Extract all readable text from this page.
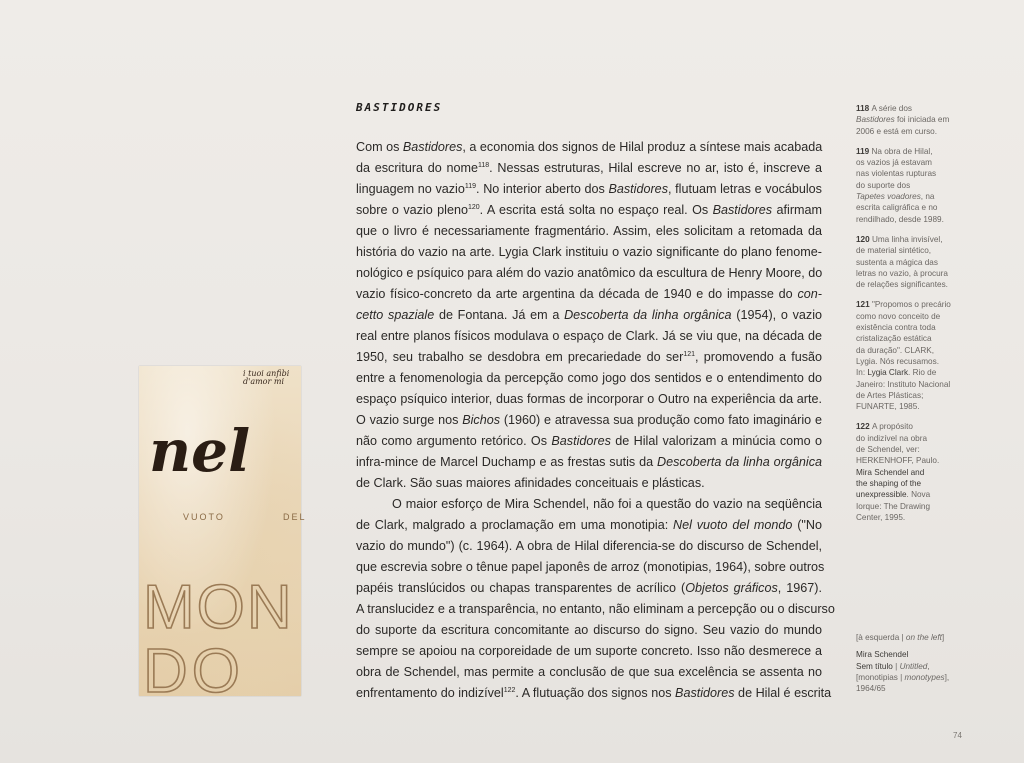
i tuoi anfibi
d'amor mi
nel
MON
DO
VUOTO	DEL
BASTIDORES
Com os Bastidores, a economia dos signos de Hilal produz a síntese mais acabada
da escritura do nome$^{118}$. Nessas estruturas, Hilal escreve no ar, isto é, inscreve a
linguagem no vazio$^{119}$. No interior aberto dos Bastidores, flutuam letras e vocábulos
sobre o vazio pleno$^{120}$. A escrita está solta no espaço real. Os Bastidores afirmam
que o livro é necessariamente fragmentário. Assim, eles solicitam a retomada da
história do vazio na arte. Lygia Clark instituiu o vazio significante do plano fenome-
nológico e psíquico para além do vazio anatômico da escultura de Henry Moore, do
vazio físico-concreto da arte argentina da década de 1940 e do impasse do con-
cetto spaziale de Fontana. Já em a Descoberta da linha orgânica (1954), o vazio
real entre planos físicos modulava o espaço de Clark. Já se viu que, na década de
1950, seu trabalho se desdobra em precariedade do ser$^{121}$, promovendo a fusão
entre a fenomenologia da percepção como jogo dos sentidos e o entendimento do
espaço psíquico interior, duas formas de incorporar o Outro na experiência da arte.
O vazio surge nos Bichos (1960) e atravessa sua produção como fato imaginário e
não como argumento retórico. Os Bastidores de Hilal valorizam a minúcia como o
infra-mince de Marcel Duchamp e as frestas sutis da Descoberta da linha orgânica
de Clark. São suas maiores afinidades conceituais e plásticas.
O maior esforço de Mira Schendel, não foi a questão do vazio na seqüência
de Clark, malgrado a proclamação em uma monotipia: Nel vuoto del mondo ("No
vazio do mundo") (c. 1964). A obra de Hilal diferencia-se do discurso de Schendel,
que escrevia sobre o tênue papel japonês de arroz (monotipias, 1964), sobre outros
papéis translúcidos ou chapas transparentes de acrílico (Objetos gráficos, 1967).
A translucidez e a transparência, no entanto, não eliminam a percepção ou o discurso
do suporte da escritura concomitante ao discurso do signo. Seu vazio do mundo
sempre se apoiou na corporeidade de um suporte concreto. Isso não desmerece a
obra de Schendel, mas permite a conclusão de que sua excelência se assenta no
enfrentamento do indizível$^{122}$. A flutuação dos signos nos Bastidores de Hilal é escrita
118 A série dos
Bastidores foi iniciada em
2006 e está em curso.
119 Na obra de Hilal,
os vazios já estavam
nas violentas rupturas
do suporte dos
Tapetes voadores, na
escrita caligráfica e no
rendilhado, desde 1989.
120 Uma linha invisível,
de material sintético,
sustenta a mágica das
letras no vazio, à procura
de relações significantes.
121 "Propomos o precário
como novo conceito de
existência contra toda
cristalização estática
da duração". CLARK,
Lygia. Nós recusamos.
In: Lygia Clark. Rio de
Janeiro: Instituto Nacional
de Artes Plásticas;
FUNARTE, 1985.
122 A propósito
do indizível na obra
de Schendel, ver:
HERKENHOFF, Paulo.
Mira Schendel and
the shaping of the
unexpressible. Nova
Iorque: The Drawing
Center, 1995.
[à esquerda | on the left]
Mira Schendel
Sem título | Untitled,
[monotipias | monotypes],
1964/65
74
